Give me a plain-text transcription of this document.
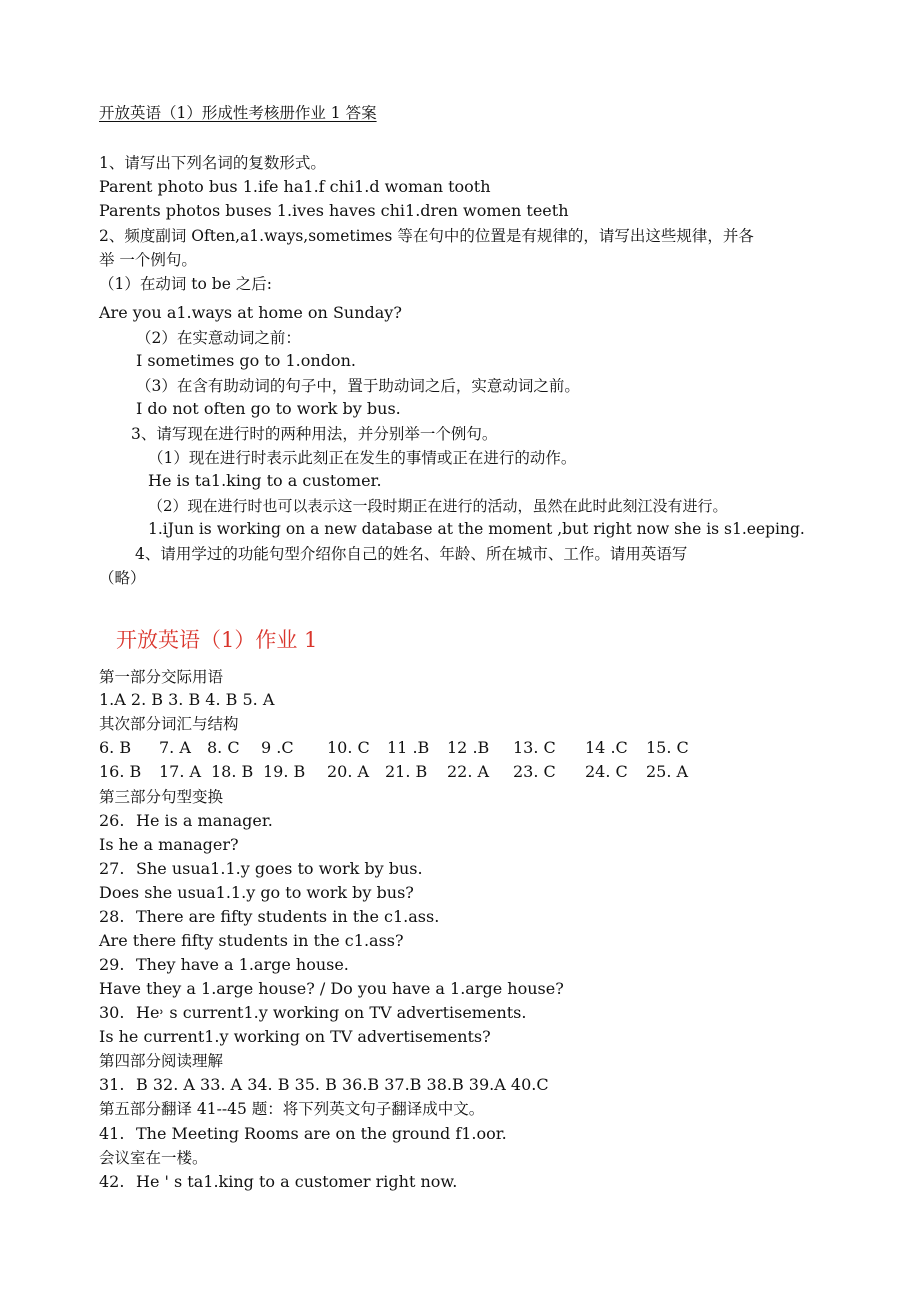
开放英语（1）形成性考核册作业 1 答案
1、请写出下列名词的复数形式。
Parent photo bus 1.ife ha1.f chi1.d woman tooth
Parents photos buses 1.ives haves chi1.dren women teeth
2、频度副词 Often,a1.ways,sometimes 等在句中的位置是有规律的，请写出这些规律，并各
举 一个例句。
（1）在动词 to be 之后:
Are you a1.ways at home on Sunday?
（2）在实意动词之前：
I sometimes go to 1.ondon.
（3）在含有助动词的句子中，置于助动词之后，实意动词之前。
I do not often go to work by bus.
3、请写现在进行时的两种用法，并分别举一个例句。
（1）现在进行时表示此刻正在发生的事情或正在进行的动作。
He is ta1.king to a customer.
（2）现在进行时也可以表示这一段时期正在进行的活动，虽然在此时此刻江没有进行。
1.iJun is working on a new database at the moment ,but right now she is s1.eeping.
4、请用学过的功能句型介绍你自己的姓名、年龄、所在城市、工作。请用英语写
（略）
开放英语（1）作业 1
第一部分交际用语
1.A 2. B 3. B 4. B 5. A
其次部分词汇与结构
6. B 7. A 8. C 9 .C 10. C 11 .B 12 .B 13. C 14 .C 15. C
16. B 17. A 18. B 19. B 20. A 21. B 22. A 23. C 24. C 25. A
第三部分句型变换
26. He is a manager.
Is he a manager?
27. She usua1.1.y goes to work by bus.
Does she usua1.1.y go to work by bus?
28. There are fifty students in the c1.ass.
Are there fifty students in the c1.ass?
29. They have a 1.arge house.
Have they a 1.arge house? / Do you have a 1.arge house?
30. He˒ s current1.y working on TV advertisements.
Is he current1.y working on TV advertisements?
第四部分阅读理解
31. B 32. A 33. A 34. B 35. B 36.B 37.B 38.B 39.A 40.C
第五部分翻译 41--45 题：将下列英文句子翻译成中文。
41. The Meeting Rooms are on the ground f1.oor.
会议室在一楼。
42. He ' s ta1.king to a customer right now.
